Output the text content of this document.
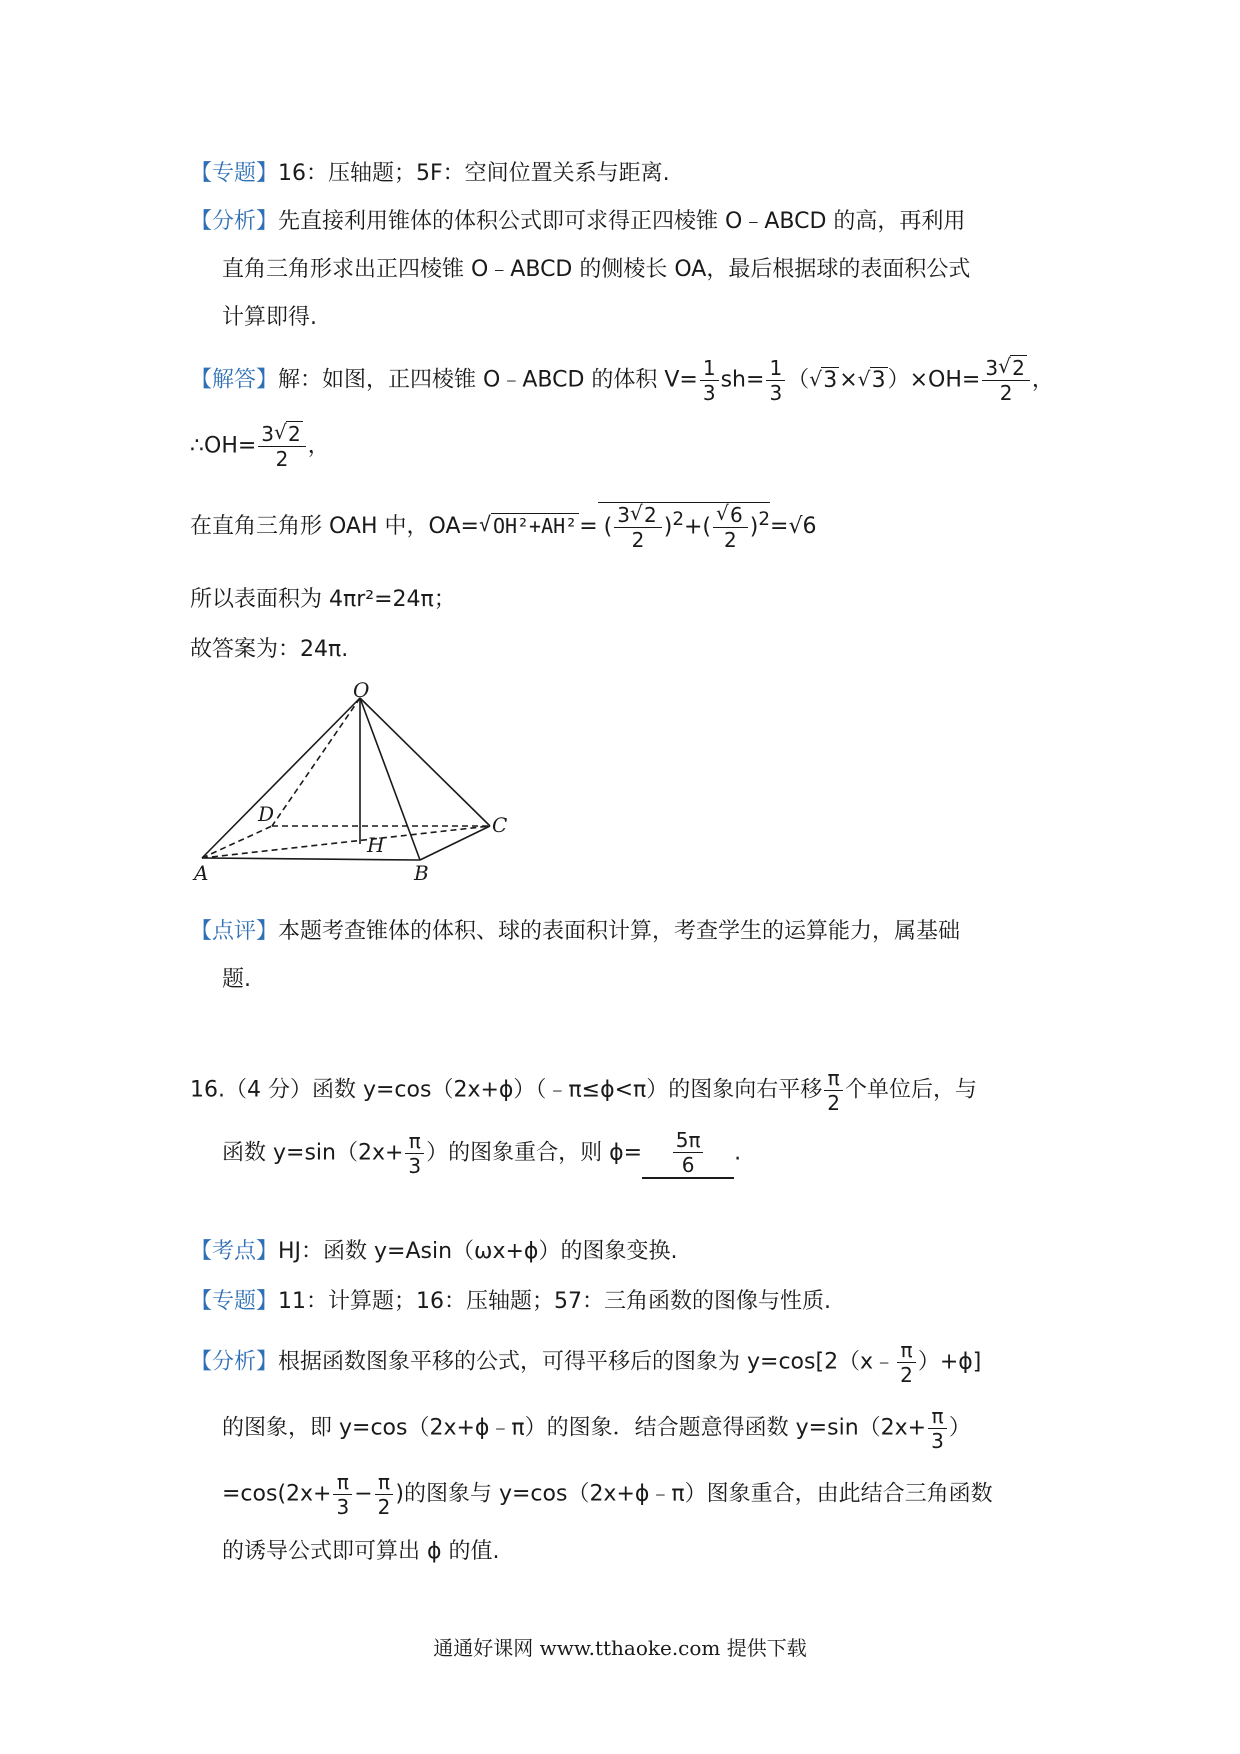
【专题】16：压轴题；5F：空间位置关系与距离.
【分析】先直接利用锥体的体积公式即可求得正四棱锥 O﹣ABCD 的高，再利用
直角三角形求出正四棱锥 O﹣ABCD 的侧棱长 OA，最后根据球的表面积公式
计算即得.
【解答】解：如图，正四棱锥 O﹣ABCD 的体积 $V= \frac{1}{3} sh= \frac{1}{3}$ （ √ 3× √ $3)\times OH= \frac{3 √ 2}{2}$ ，
∴OH= $\frac{3 √ 2}{2}$ ，
在直角三角形 OAH 中，OA= √ $OH^2+AH^2=( \frac{3 √ 2}{2} )^2+$( √ $\frac{6}{2} )^2=√6$
所以表面积为 4πr²=24π；
故答案为：24π.
O
D	C
H
A	B
【点评】本题考查锥体的体积、球的表面积计算，考查学生的运算能力，属基础
题.
16.（4 分）函数 y=cos（2x+ϕ）（﹣π≤ϕ<π）的图象向右平移 $\frac{\pi}{2}$ 个单位后，与
函数 $y=\sin(2x+ \frac{\pi}{3}$ ）的图象重合，则 $\phi= \frac{5\pi}{6}$ .
【考点】HJ：函数 y=Asin（ωx+ϕ）的图象变换.
【专题】11：计算题；16：压轴题；57：三角函数的图像与性质.
【分析】根据函数图象平移的公式，可得平移后的图象为 y=cos[2（x﹣ $\frac{\pi}{2} )+\phi$]
的图象，即 y=cos（2x+ϕ﹣π）的图象．结合题意得函数 $y=\sin(2x+ \frac{\pi}{3}$ ）
$=\cos(2x+ \frac{\pi}{3} - \frac{\pi}{2}$ )的图象与 y=cos（2x+ϕ﹣π）图象重合，由此结合三角函数
的诱导公式即可算出 ϕ 的值.
通通好课网 www.tthaoke.com 提供下载
